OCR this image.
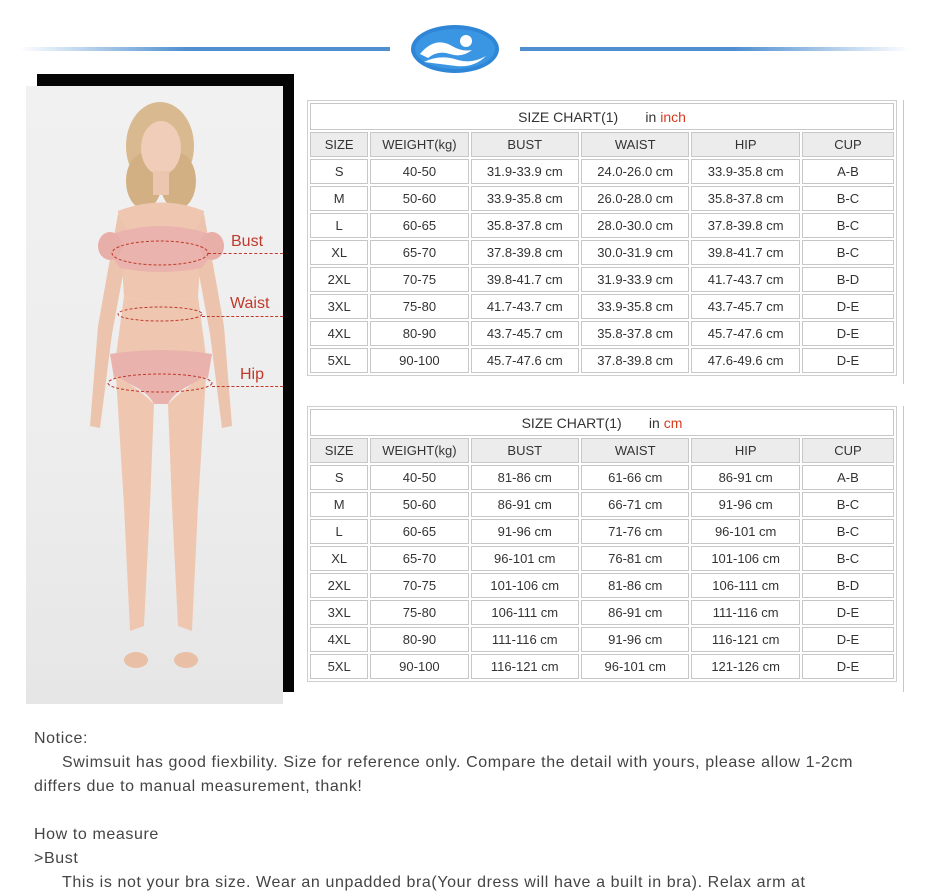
Bust
Waist
Hip
SIZE CHART(1) in inch					
SIZE	WEIGHT(kg)	BUST	WAIST	HIP	CUP
S	40-50	31.9-33.9 cm	24.0-26.0 cm	33.9-35.8 cm	A-B
M	50-60	33.9-35.8 cm	26.0-28.0 cm	35.8-37.8 cm	B-C
L	60-65	35.8-37.8 cm	28.0-30.0 cm	37.8-39.8 cm	B-C
XL	65-70	37.8-39.8 cm	30.0-31.9 cm	39.8-41.7 cm	B-C
2XL	70-75	39.8-41.7 cm	31.9-33.9 cm	41.7-43.7 cm	B-D
3XL	75-80	41.7-43.7 cm	33.9-35.8 cm	43.7-45.7 cm	D-E
4XL	80-90	43.7-45.7 cm	35.8-37.8 cm	45.7-47.6 cm	D-E
5XL	90-100	45.7-47.6 cm	37.8-39.8 cm	47.6-49.6 cm	D-E
SIZE CHART(1) in cm					
SIZE	WEIGHT(kg)	BUST	WAIST	HIP	CUP
S	40-50	81-86 cm	61-66 cm	86-91 cm	A-B
M	50-60	86-91 cm	66-71 cm	91-96 cm	B-C
L	60-65	91-96 cm	71-76 cm	96-101 cm	B-C
XL	65-70	96-101 cm	76-81 cm	101-106 cm	B-C
2XL	70-75	101-106 cm	81-86 cm	106-111 cm	B-D
3XL	75-80	106-111 cm	86-91 cm	111-116 cm	D-E
4XL	80-90	111-116 cm	91-96 cm	116-121 cm	D-E
5XL	90-100	116-121 cm	96-101 cm	121-126 cm	D-E

Notice:

Swimsuit has good fiexbility. Size for reference only. Compare the detail with yours, please allow 1-2cm differs due to manual measurement, thank!

How to measure

>Bust

This is not your bra size. Wear an unpadded bra(Your dress will have a built in bra). Relax arm at
